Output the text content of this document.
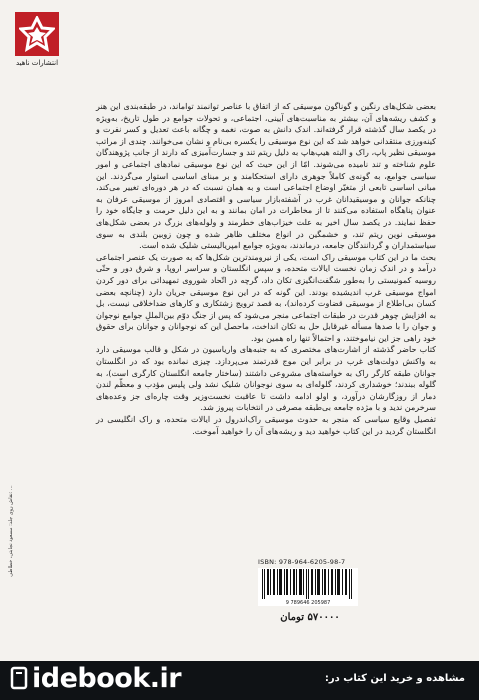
انتشارات ناهید

بعضی شکل‌های رنگین و گوناگون موسیقی که از اتفاق با عناصر توانمند تواماند، در طبقه‌بندی این هنر و کشف ریشه‌های آن، بیشتر به مناسبت‌های آیینی، اجتماعی، و تحولات جوامع در طول تاریخ، به‌ویژه در یکصد سال گذشته قرار گرفته‌اند. اندک دانش به صوت، نغمه و چگانه باعث تعدیل و کسر نفرت و کینه‌ورزی منتقدانی خواهد شد که این نوع موسیقی را یکسره بی‌نام و نشان می‌خوانند. چندی از مراتب موسیقی نظیر پاپ، راک و البته هیپ‌هاپ به دلیل ریتم تند و جسارت‌آمیزی که دارند از جانب پژوهندگان علوم شناخته و تند نامیده می‌شوند. امّا از این حیث که این نوع موسیقی نمادهای اجتماعی و امور سیاسی جوامع، به گونه‌ی کاملاً جوهری دارای استحکامند و بر مبنای اساسی استوار می‌گردند. این مبانی اساسی تابعی از متغیّر اوضاع اجتماعی است و به همان نسبت که در هر دوره‌ای تغییر می‌کند، چنانکه جوانان و موسیقیدانان غرب در آشفته‌بازار سیاسی و اقتصادی امروز از موسیقی عرفان به عنوان پناهگاه استفاده می‌کنند تا از مخاطرات در امان بمانند و به این دلیل حرمت و جایگاه خود را حفظ نمایند. در یکصد سال اخیر به علت خیزاب‌های خطرمند و ولوله‌های بزرگ در بعضی شکل‌های موسیقی نوین ریتم تند، و خشمگین در انواع مختلف ظاهر شده و چون زوبین بلندی به سوی سیاستمداران و گردانندگان جامعه، درماندند، به‌ویژه جوامع امپریالیستی شلیک شده است.

بحث ما در این کتاب موسیقی راک است، یکی از نیرومندترین شکل‌ها که به صورت یک عنصر اجتماعی درآمد و در اندک زمان نخست ایالات متحده، و سپس انگلستان و سراسر اروپا، و شرق دور و حتّی روسیه کمونیستی را به‌طور شگفت‌انگیزی تکان داد، گرچه در اتّحاد شوروی تمهیداتی برای دور کردن امواج موسیقی غرب اندیشیده بودند. این گونه که در این نوع موسیقی جریان دارد (چنانچه بعضی کسان بی‌اطلاع از موسیقی قضاوت کرده‌اند)، به قصد ترویج زشتکاری و کارهای ضداخلاقی نیست، بل به افزایش چوهر قدرت در طبقات اجتماعی منجر می‌شود که پس از جنگ دوّم بین‌المللِ جوامع نوجوان و جوان را با صدها مسأله غیرقابل حل به تکان انداخت، ماحصل این که نوجوانان و جوانان برای حقوق خود راهی جز این نیاموختند، و احتمالاً تنها راه همین بود.

کتاب حاضر گذشته از اشارت‌های مختصری که به جنبه‌های واریاسیون در شکل و قالب موسیقی دارد به واکنش دولت‌های غرب در برابر این موج قدرتمند می‌پردازد. چیزی نمانده بود که در انگلستان جوانان طبقه کارگر راک به خواسته‌های مشروعی داشتند (ساختار جامعه انگلستان کارگری است)، به گلوله ببندند؛ خوشداری کردند، گلوله‌ای به سوی نوجوانان شلیک نشد ولی پلیس مؤدب و معظّم لندن دمار از روزگارشان درآورد، و اولو ادامه داشت تا عاقبت نخست‌وزیر وقت چاره‌ای جز وعده‌های سرخرمن ندید و با مژده جامعه بی‌طبقه مصرفی در انتخابات پیروز شد.

تفصیل وقایع سیاسی که منجر به حدوث موسیقی راک‌اند‌رول در ایالات متحده، و راک انگلیسی در انگلستان گردید در این کتاب خواهید دید و ریشه‌های آن را خواهید آموخت.

نقاش روی جلد: مسعود نجابتی، خطاطی: ...
ISBN: 978-964-6205-98-7
9 789646 205987
۵۷۰۰۰۰ تومان
idebook.ir	مشاهده و خرید این کتاب در:
